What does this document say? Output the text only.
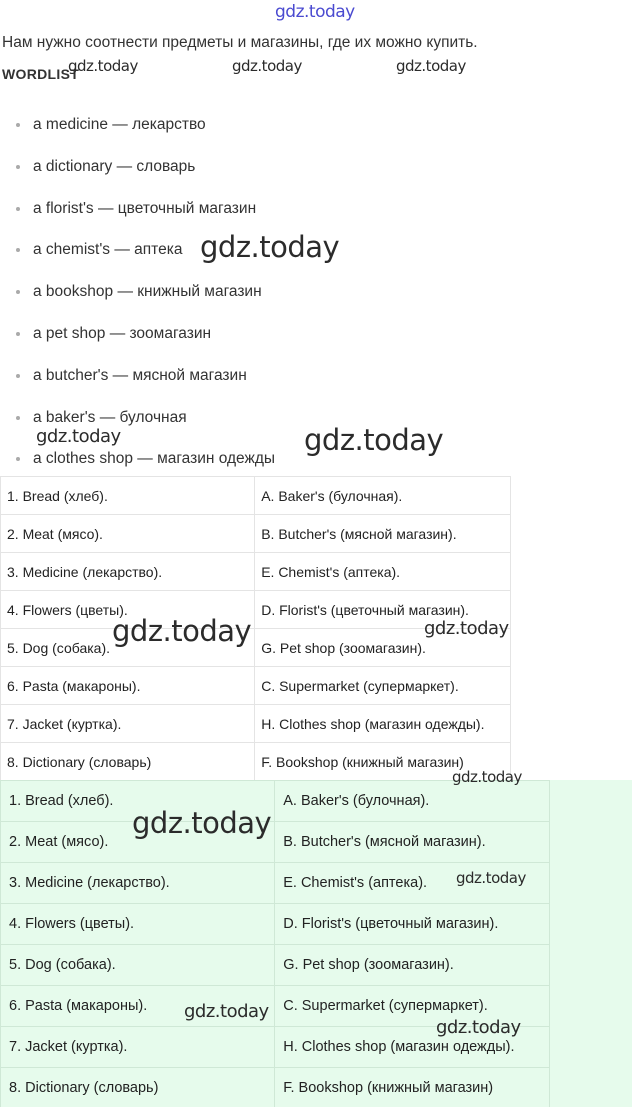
Нам нужно соотнести предметы и магазины, где их можно купить.
WORDLIST
a medicine — лекарство
a dictionary — словарь
a florist's — цветочный магазин
a chemist's — аптека
a bookshop — книжный магазин
a pet shop — зоомагазин
a butcher's — мясной магазин
a baker's — булочная
a clothes shop — магазин одежды
1. Bread (хлеб).	A. Baker's (булочная).
2. Meat (мясо).	B. Butcher's (мясной магазин).
3. Medicine (лекарство).	E. Chemist's (аптека).
4. Flowers (цветы).	D. Florist's (цветочный магазин).
5. Dog (собака).	G. Pet shop (зоомагазин).
6. Pasta (макароны).	C. Supermarket (супермаркет).
7. Jacket (куртка).	H. Clothes shop (магазин одежды).
8. Dictionary (словарь)	F. Bookshop (книжный магазин)
1. Bread (хлеб).	A. Baker's (булочная).
2. Meat (мясо).	B. Butcher's (мясной магазин).
3. Medicine (лекарство).	E. Chemist's (аптека).
4. Flowers (цветы).	D. Florist's (цветочный магазин).
5. Dog (собака).	G. Pet shop (зоомагазин).
6. Pasta (макароны).	C. Supermarket (супермаркет).
7. Jacket (куртка).	H. Clothes shop (магазин одежды).
8. Dictionary (словарь)	F. Bookshop (книжный магазин)
gdz.today
gdz.today	gdz.today	gdz.today
gdz.today
gdz.today	gdz.today
gdz.today	gdz.today
gdz.today
gdz.today
gdz.today
gdz.today
gdz.today
